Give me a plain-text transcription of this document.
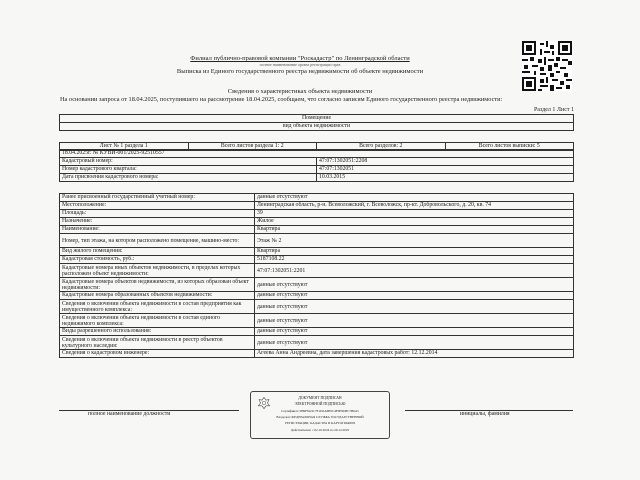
Филиал публично-правовой компании "Роскадастр" по Ленинградской области
полное наименование органа регистрации прав
Выписка из Единого государственного реестра недвижимости об объекте недвижимости
Сведения о характеристиках объекта недвижимости
На основании запроса от 18.04.2025, поступившего на рассмотрение 18.04.2025, сообщаем, что согласно записям Единого государственного реестра недвижимости:
Раздел 1 Лист 1
Помещение
вид объекта недвижимости
Лист № 1 раздела 1	Всего листов раздела 1: 2	Всего разделов: 2	Всего листов выписки: 5
18.04.2025г. № КУВИ-001/2025-92510557	
Кадастровый номер:	47:07:1302051:2208
Номер кадастрового квартала:	47:07:1302051
Дата присвоения кадастрового номера:	10.03.2015
Ранее присвоенный государственный учетный номер:	данные отсутствуют
Местоположение:	Ленинградская область, р-н. Всеволожский, г. Всеволожск, пр-кт. Добровольского, д. 20, кв. 74
Площадь:	39
Назначение:	Жилое
Наименование:	Квартира
Номер, тип этажа, на котором расположено помещение, машино-место:	Этаж № 2
Вид жилого помещения:	Квартира
Кадастровая стоимость, руб.:	5187108.22
Кадастровые номера иных объектов недвижимости, в пределах которых расположен объект недвижимости:	47:07:1302051:2201
Кадастровые номера объектов недвижимости, из которых образован объект недвижимости:	данные отсутствуют
Кадастровые номера образованных объектов недвижимости:	данные отсутствуют
Сведения о включении объекта недвижимости в состав предприятия как имущественного комплекса:	данные отсутствуют
Сведения о включении объекта недвижимости в состав единого недвижимого комплекса:	данные отсутствуют
Виды разрешенного использования:	данные отсутствуют
Сведения о включении объекта недвижимости в реестр объектов культурного наследия:	данные отсутствуют
Сведения о кадастровом инженере:	Агеева Анна Андреевна, дата завершения кадастровых работ: 12.12.2014
полное наименование должности	инициалы, фамилия
ДОКУМЕНТ ПОДПИСАН
ЭЛЕКТРОННОЙ ПОДПИСЬЮ
Сертификат: 0B9F8A3C7E1D2A6B5C4F0E9D8C7B6A5
Владелец: ФЕДЕРАЛЬНАЯ СЛУЖБА ГОСУДАРСТВЕННОЙ
РЕГИСТРАЦИИ, КАДАСТРА И КАРТОГРАФИИ
Действителен: с 02.10.2024 по 26.12.2025
